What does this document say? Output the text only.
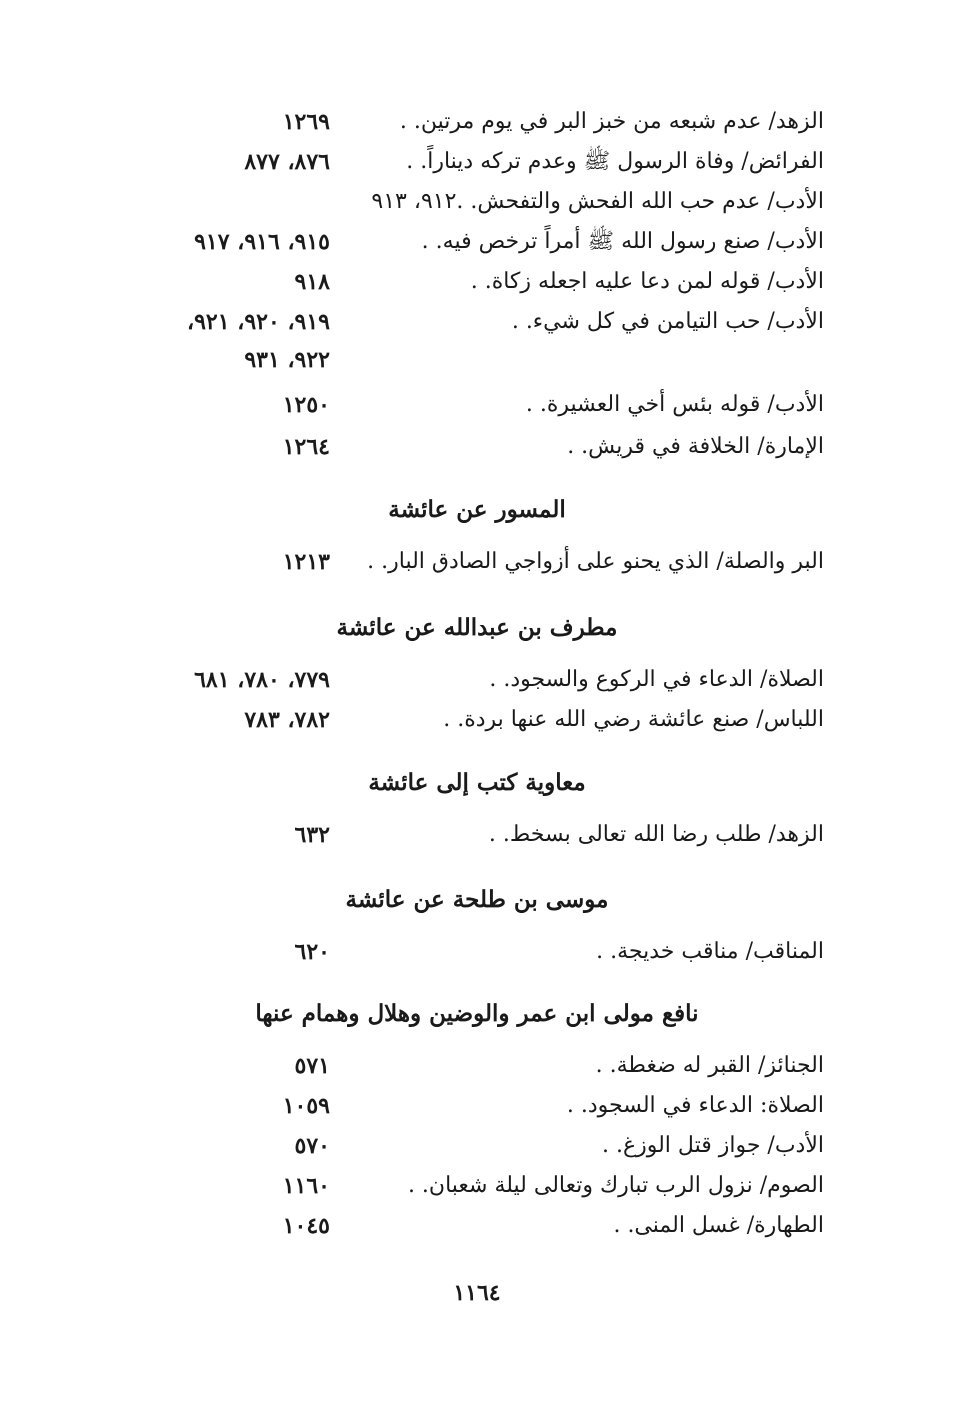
الزهد/ عدم شبعه من خبز البر في يوم مرتين. .
١٢٦٩
الفرائض/ وفاة الرسول ﷺ وعدم تركه ديناراً. .
٨٧٦، ٨٧٧
الأدب/ عدم حب الله الفحش والتفحش. .٩١٢، ٩١٣
الأدب/ صنع رسول الله ﷺ أمراً ترخص فيه. .
٩١٥، ٩١٦، ٩١٧
الأدب/ قوله لمن دعا عليه اجعله زكاة. .
٩١٨
الأدب/ حب التيامن في كل شيء. .
٩١٩، ٩٢٠، ٩٢١،
٩٢٢، ٩٣١
الأدب/ قوله بئس أخي العشيرة. .
١٢٥٠
الإمارة/ الخلافة في قريش. .
١٢٦٤
المسور عن عائشة
البر والصلة/ الذي يحنو على أزواجي الصادق البار. .
١٢١٣
مطرف بن عبدالله عن عائشة
الصلاة/ الدعاء في الركوع والسجود. .
٧٧٩، ٧٨٠، ٦٨١
اللباس/ صنع عائشة رضي الله عنها بردة. .
٧٨٢، ٧٨٣
معاوية كتب إلى عائشة
الزهد/ طلب رضا الله تعالى بسخط. .
٦٣٢
موسى بن طلحة عن عائشة
المناقب/ مناقب خديجة. .
٦٢٠
نافع مولى ابن عمر والوضين وهلال وهمام عنها
الجنائز/ القبر له ضغطة. .
٥٧١
الصلاة: الدعاء في السجود. .
١٠٥٩
الأدب/ جواز قتل الوزغ. .
٥٧٠
الصوم/ نزول الرب تبارك وتعالى ليلة شعبان. .
١١٦٠
الطهارة/ غسل المنى. .
١٠٤٥
١١٦٤
